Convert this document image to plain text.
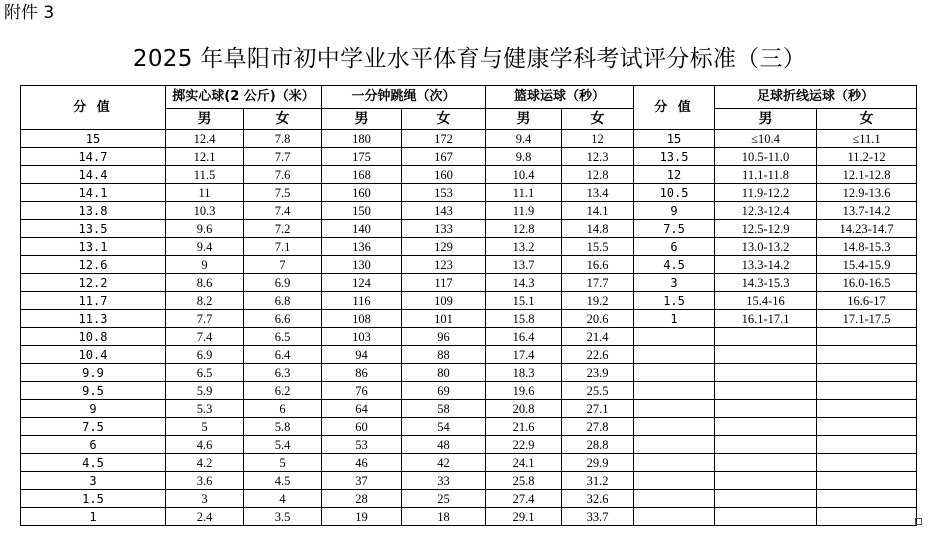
附件 3
2025 年阜阳市初中学业水平体育与健康学科考试评分标准（三）
分 值	掷实心球(2 公斤)（米）		一分钟跳绳（次）		篮球运球（秒）		分 值	足球折线运球（秒）	
	男	女	男	女	男	女		男	女
15	12.4	7.8	180	172	9.4	12	15	≤10.4	≤11.1
14.7	12.1	7.7	175	167	9.8	12.3	13.5	10.5-11.0	11.2-12
14.4	11.5	7.6	168	160	10.4	12.8	12	11.1-11.8	12.1-12.8
14.1	11	7.5	160	153	11.1	13.4	10.5	11.9-12.2	12.9-13.6
13.8	10.3	7.4	150	143	11.9	14.1	9	12.3-12.4	13.7-14.2
13.5	9.6	7.2	140	133	12.8	14.8	7.5	12.5-12.9	14.23-14.7
13.1	9.4	7.1	136	129	13.2	15.5	6	13.0-13.2	14.8-15.3
12.6	9	7	130	123	13.7	16.6	4.5	13.3-14.2	15.4-15.9
12.2	8.6	6.9	124	117	14.3	17.7	3	14.3-15.3	16.0-16.5
11.7	8.2	6.8	116	109	15.1	19.2	1.5	15.4-16	16.6-17
11.3	7.7	6.6	108	101	15.8	20.6	1	16.1-17.1	17.1-17.5
10.8	7.4	6.5	103	96	16.4	21.4			
10.4	6.9	6.4	94	88	17.4	22.6			
9.9	6.5	6.3	86	80	18.3	23.9			
9.5	5.9	6.2	76	69	19.6	25.5			
9	5.3	6	64	58	20.8	27.1			
7.5	5	5.8	60	54	21.6	27.8			
6	4.6	5.4	53	48	22.9	28.8			
4.5	4.2	5	46	42	24.1	29.9			
3	3.6	4.5	37	33	25.8	31.2			
1.5	3	4	28	25	27.4	32.6			
1	2.4	3.5	19	18	29.1	33.7			
